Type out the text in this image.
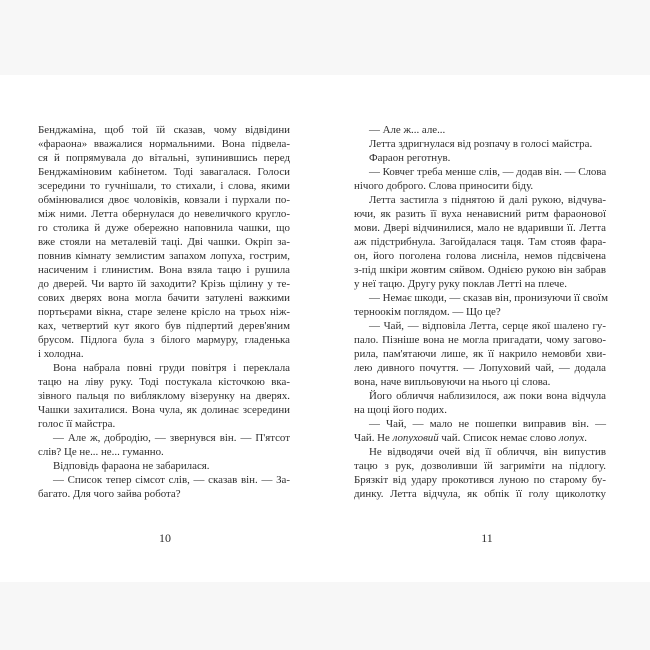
Бенджаміна, щоб той їй сказав, чому відвідини
«фараона» вважалися нормальними. Вона підвела-
ся й попрямувала до вітальні, зупинившись перед
Бенджаміновим кабінетом. Тоді завагалася. Голоси
зсередини то гучнішали, то стихали, і слова, якими
обмінювалися двоє чоловіків, ковзали і пурхали по-
між ними. Летта обернулася до невеличкого кругло-
го столика й дуже обережно наповнила чашки, що
вже стояли на металевій таці. Дві чашки. Окріп за-
повнив кімнату землистим запахом лопуха, гострим,
насиченим і глинистим. Вона взяла тацю і рушила
до дверей. Чи варто їй заходити? Крізь щілину у те-
сових дверях вона могла бачити затулені важкими
портьєрами вікна, старе зелене крісло на трьох ніж-
ках, четвертий кут якого був підпертий дерев'яним
брусом. Підлога була з білого мармуру, гладенька
і холодна.
Вона набрала повні груди повітря і переклала
тацю на ліву руку. Тоді постукала кісточкою вка-
зівного пальця по вибляклому візерунку на дверях.
Чашки захиталися. Вона чула, як долинає зсередини
голос її майстра.
— Але ж, добродію, — звернувся він. — П'ятсот
слів? Це не... не... гуманно.
Відповідь фараона не забарилася.
— Список тепер сімсот слів, — сказав він. — За-
багато. Для чого зайва робота?
— Але ж... але...
Летта здригнулася від розпачу в голосі майстра.
Фараон реготнув.
— Ковчег треба менше слів, — додав він. — Слова
нічого доброго. Слова приносити біду.
Летта застигла з піднятою й далі рукою, відчува-
ючи, як разить її вуха ненависний ритм фараонової
мови. Двері відчинилися, мало не вдаривши її. Летта
аж підстрибнула. Загойдалася таця. Там стояв фара-
он, його поголена голова лисніла, немов підсвічена
з-під шкіри жовтим сяйвом. Однією рукою він забрав
у неї тацю. Другу руку поклав Летті на плече.
— Немає шкоди, — сказав він, пронизуючи її своїм
терноокім поглядом. — Що це?
— Чай, — відповіла Летта, серце якої шалено гу-
пало. Пізніше вона не могла пригадати, чому загово-
рила, пам'ятаючи лише, як її накрило немовби хви-
лею дивного почуття. — Лопуховий чай, — додала
вона, наче випльовуючи на нього ці слова.
Його обличчя наблизилося, аж поки вона відчула
на щоці його подих.
— Чай, — мало не пошепки виправив він. —
Чай. Не лопуховий чай. Список немає слово лопух.
Не відводячи очей від її обличчя, він випустив
тацю з рук, дозволивши їй загриміти на підлогу.
Брязкіт від удару прокотився луною по старому бу-
динку. Летта відчула, як обпік її голу щиколотку
10	11
